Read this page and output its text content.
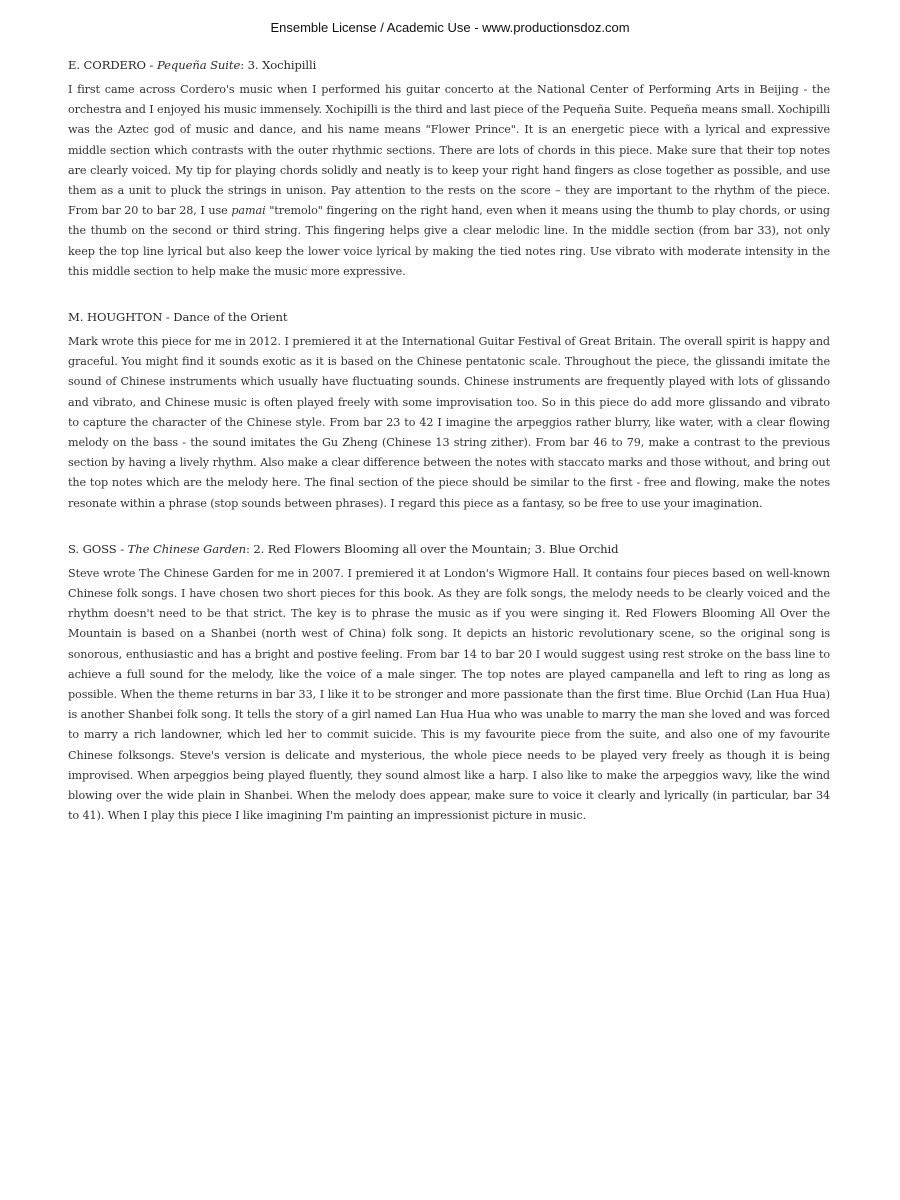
Ensemble License / Academic Use - www.productionsdoz.com

E. CORDERO - Pequeña Suite: 3. Xochipilli

I first came across Cordero's music when I performed his guitar concerto at the National Center of Performing Arts in Beijing - the orchestra and I enjoyed his music immensely. Xochipilli is the third and last piece of the Pequeña Suite. Pequeña means small. Xochipilli was the Aztec god of music and dance, and his name means "Flower Prince". It is an energetic piece with a lyrical and expressive middle section which contrasts with the outer rhythmic sections. There are lots of chords in this piece. Make sure that their top notes are clearly voiced. My tip for playing chords solidly and neatly is to keep your right hand fingers as close together as possible, and use them as a unit to pluck the strings in unison. Pay attention to the rests on the score – they are important to the rhythm of the piece. From bar 20 to bar 28, I use pamai "tremolo" fingering on the right hand, even when it means using the thumb to play chords, or using the thumb on the second or third string. This fingering helps give a clear melodic line. In the middle section (from bar 33), not only keep the top line lyrical but also keep the lower voice lyrical by making the tied notes ring. Use vibrato with moderate intensity in the this middle section to help make the music more expressive.

M. HOUGHTON - Dance of the Orient

Mark wrote this piece for me in 2012. I premiered it at the International Guitar Festival of Great Britain. The overall spirit is happy and graceful. You might find it sounds exotic as it is based on the Chinese pentatonic scale. Throughout the piece, the glissandi imitate the sound of Chinese instruments which usually have fluctuating sounds. Chinese instruments are frequently played with lots of glissando and vibrato, and Chinese music is often played freely with some improvisation too. So in this piece do add more glissando and vibrato to capture the character of the Chinese style. From bar 23 to 42 I imagine the arpeggios rather blurry, like water, with a clear flowing melody on the bass - the sound imitates the Gu Zheng (Chinese 13 string zither). From bar 46 to 79, make a contrast to the previous section by having a lively rhythm. Also make a clear difference between the notes with staccato marks and those without, and bring out the top notes which are the melody here. The final section of the piece should be similar to the first - free and flowing, make the notes resonate within a phrase (stop sounds between phrases). I regard this piece as a fantasy, so be free to use your imagination.

S. GOSS - The Chinese Garden: 2. Red Flowers Blooming all over the Mountain; 3. Blue Orchid

Steve wrote The Chinese Garden for me in 2007. I premiered it at London's Wigmore Hall. It contains four pieces based on well-known Chinese folk songs. I have chosen two short pieces for this book. As they are folk songs, the melody needs to be clearly voiced and the rhythm doesn't need to be that strict. The key is to phrase the music as if you were singing it. Red Flowers Blooming All Over the Mountain is based on a Shanbei (north west of China) folk song. It depicts an historic revolutionary scene, so the original song is sonorous, enthusiastic and has a bright and postive feeling. From bar 14 to bar 20 I would suggest using rest stroke on the bass line to achieve a full sound for the melody, like the voice of a male singer. The top notes are played campanella and left to ring as long as possible. When the theme returns in bar 33, I like it to be stronger and more passionate than the first time. Blue Orchid (Lan Hua Hua) is another Shanbei folk song. It tells the story of a girl named Lan Hua Hua who was unable to marry the man she loved and was forced to marry a rich landowner, which led her to commit suicide. This is my favourite piece from the suite, and also one of my favourite Chinese folksongs. Steve's version is delicate and mysterious, the whole piece needs to be played very freely as though it is being improvised. When arpeggios being played fluently, they sound almost like a harp. I also like to make the arpeggios wavy, like the wind blowing over the wide plain in Shanbei. When the melody does appear, make sure to voice it clearly and lyrically (in particular, bar 34 to 41). When I play this piece I like imagining I'm painting an impressionist picture in music.
